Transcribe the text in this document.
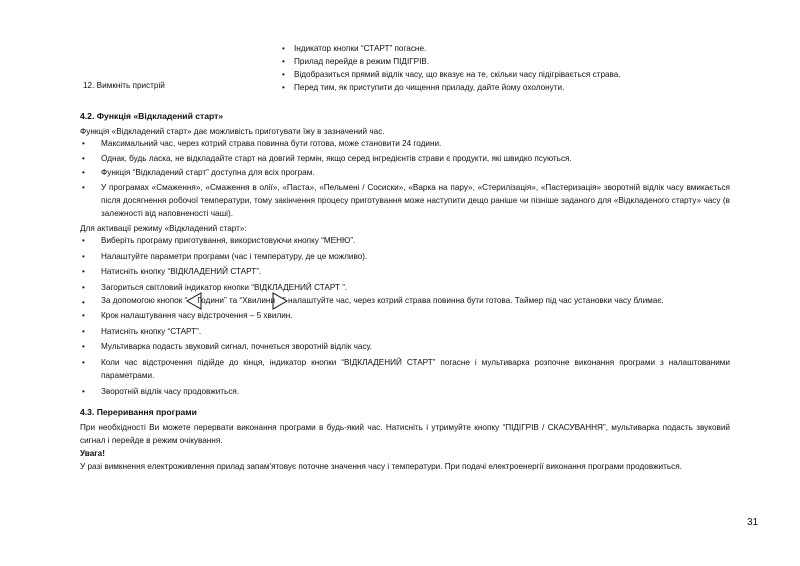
12. Вимкніть пристрій
• Індикатор кнопки “СТАРТ” погасне.
• Прилад перейде в режим ПІДІГРІВ.
• Відобразиться прямий відлік часу, що вказує на те, скільки часу підігрівається страва.
• Перед тим, як приступити до чищення приладу, дайте йому охолонути.
4.2. Функція «Відкладений старт»

Функція «Відкладений старт» дає можливість приготувати їжу в зазначений час.

• Максимальний час, через котрий страва повинна бути готова, може становити 24 години.
• Однак, будь ласка, не відкладайте старт на довгий термін, якщо серед інгредієнтів страви є продукти, які швидко псуються.
• Функція “Відкладений старт” доступна для всіх програм.
• У програмах «Смаження», «Смаження в олії», «Паста», «Пельмені / Сосиски», «Варка на пару», «Стерилізація», «Пастеризація» зворотній відлік часу вмикається після досягнення робочої температури, тому закінчення процесу приготування може наступити дещо раніше чи пізніше заданого для «Відкладеного старту» часу (в залежності від наповненості чаші).

Для активації режиму «Відкладений старт»:

• Виберіть програму приготування, використовуючи кнопку “МЕНЮ”.
• Налаштуйте параметри програми (час і температуру, де це можливо).
• Натисніть кнопку “ВІДКЛАДЕНИЙ СТАРТ”.
• Загориться світловий індикатор кнопки “ВІДКЛАДЕНИЙ СТАРТ ”.
• За допомогою кнопок “ Години” та “Хвилини ” налаштуйте час, через котрий страва повинна бути готова. Таймер під час установки часу блимає.
• Крок налаштування часу відстрочення – 5 хвилин.
• Натисніть кнопку “СТАРТ”.
• Мультиварка подасть звуковий сигнал, почнеться зворотній відлік часу.
• Коли час відстрочення підійде до кінця, індикатор кнопки “ВІДКЛАДЕНИЙ СТАРТ” погасне і мультиварка розпочне виконання програми з налаштованими параметрами.
• Зворотній відлік часу продовжиться.
4.3. Переривання програми

При необхідності Ви можете перервати виконання програми в будь-який час. Натисніть і утримуйте кнопку “ПІДІГРІВ / СКАСУВАННЯ”, мультиварка подасть звуковий сигнал і перейде в режим очікування.

Увага!

У разі вимкнення електроживлення прилад запам'ятовує поточне значення часу і температури. При подачі електроенергії виконання програми продовжиться.

31
